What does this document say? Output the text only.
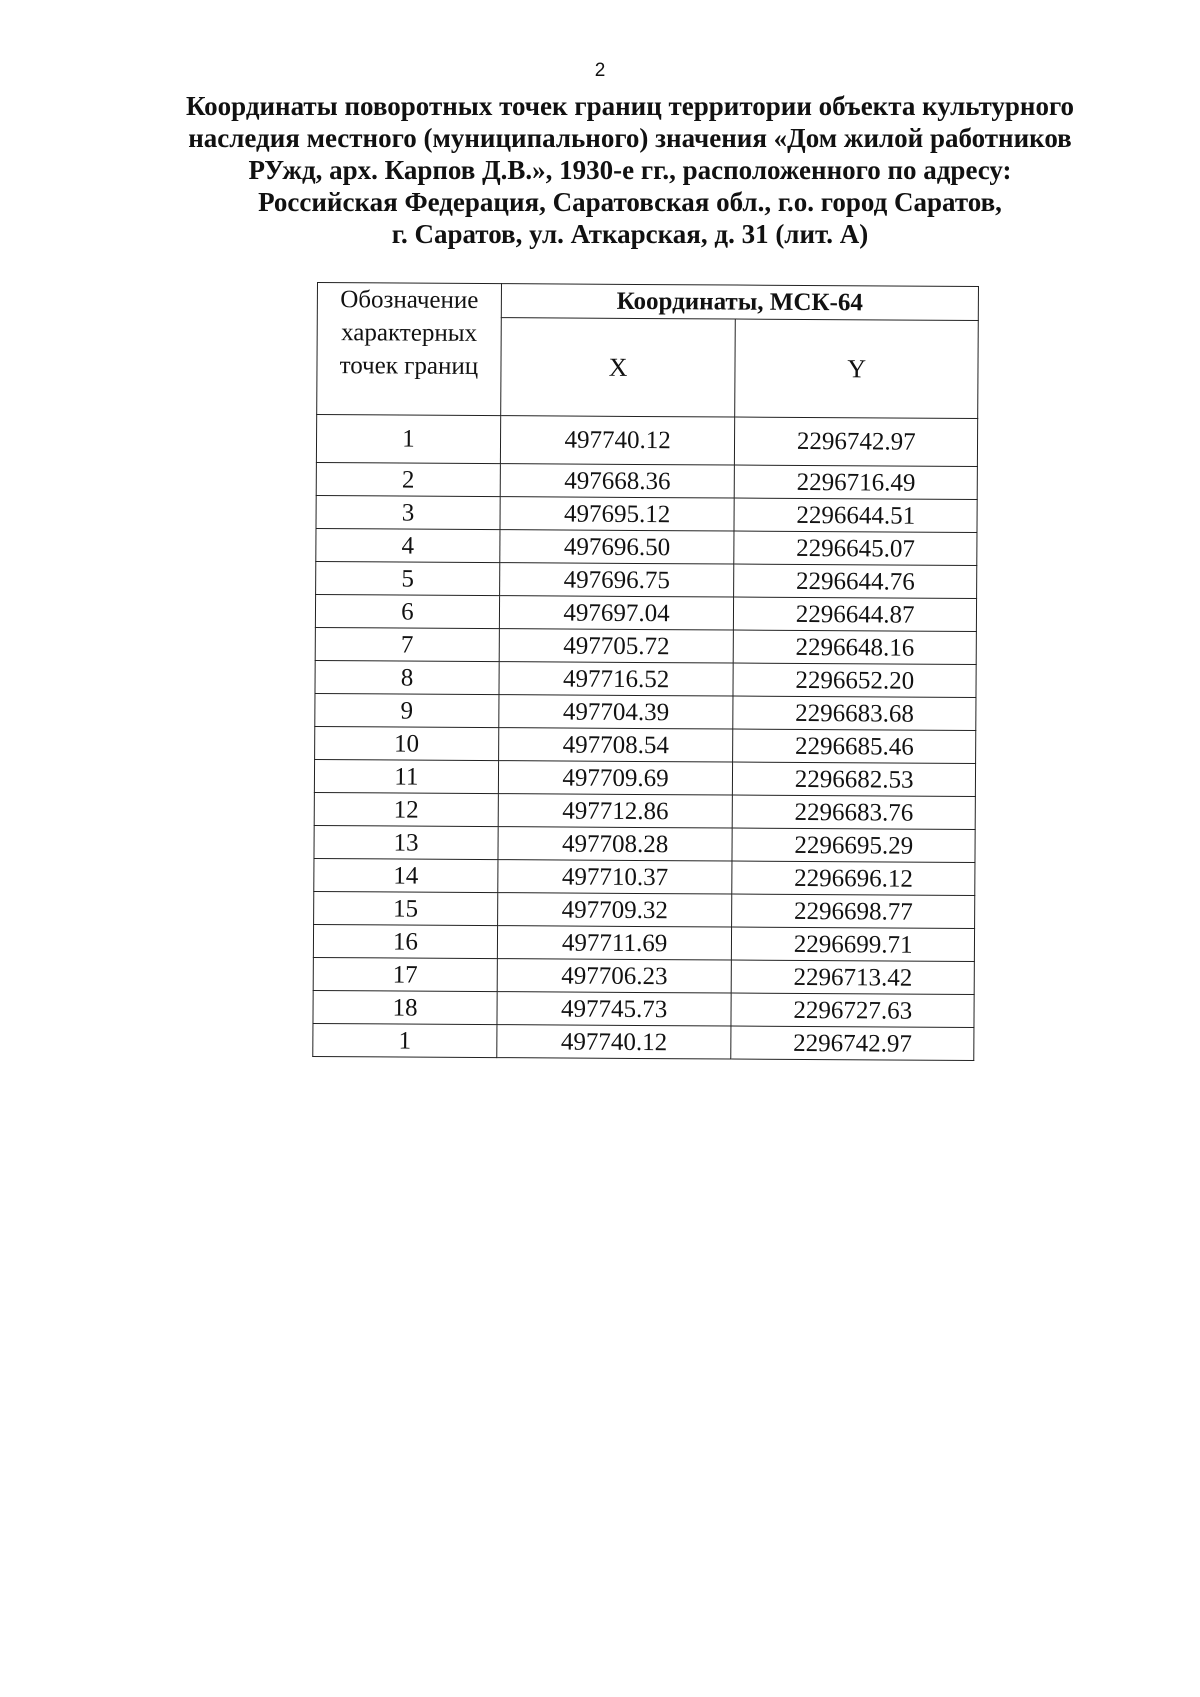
2
Координаты поворотных точек границ территории объекта культурного
наследия местного (муниципального) значения «Дом жилой работников
РУжд, арх. Карпов Д.В.», 1930-е гг., расположенного по адресу:
Российская Федерация, Саратовская обл., г.о. город Саратов,
г. Саратов, ул. Аткарская, д. 31 (лит. А)
Обозначение характерных точек границ	Координаты, МСК-64	
	X	Y
1	497740.12	2296742.97
2	497668.36	2296716.49
3	497695.12	2296644.51
4	497696.50	2296645.07
5	497696.75	2296644.76
6	497697.04	2296644.87
7	497705.72	2296648.16
8	497716.52	2296652.20
9	497704.39	2296683.68
10	497708.54	2296685.46
11	497709.69	2296682.53
12	497712.86	2296683.76
13	497708.28	2296695.29
14	497710.37	2296696.12
15	497709.32	2296698.77
16	497711.69	2296699.71
17	497706.23	2296713.42
18	497745.73	2296727.63
1	497740.12	2296742.97
